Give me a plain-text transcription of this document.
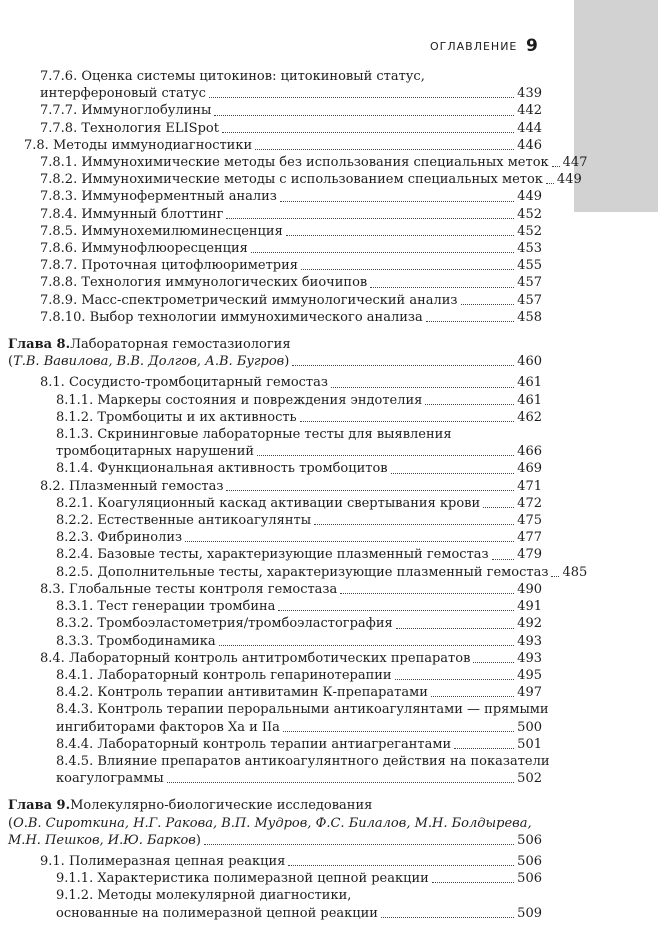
ОГЛАВЛЕНИЕ 9
7.7.6. Оценка системы цитокинов: цитокиновый статус,
интерфероновый статус	439
7.7.7. Иммуноглобулины	442
7.7.8. Технология ELISpot	444
7.8. Методы иммунодиагностики	446
7.8.1. Иммунохимические методы без использования специальных меток 447
7.8.2. Иммунохимические методы с использованием специальных меток 449
7.8.3. Иммуноферментный анализ	449
7.8.4. Иммунный блоттинг	452
7.8.5. Иммунохемилюминесценция	452
7.8.6. Иммунофлюоресценция	453
7.8.7. Проточная цитофлюориметрия	455
7.8.8. Технология иммунологических биочипов	457
7.8.9. Масс-спектрометрический иммунологический анализ	457
7.8.10. Выбор технологии иммунохимического анализа	458
Глава 8. Лабораторная гемостазиология
(Т.В. Вавилова, В.В. Долгов, А.В. Бугров)	460
8.1. Сосудисто-тромбоцитарный гемостаз	461
8.1.1. Маркеры состояния и повреждения эндотелия	461
8.1.2. Тромбоциты и их активность	462
8.1.3. Скрининговые лабораторные тесты для выявления
тромбоцитарных нарушений	466
8.1.4. Функциональная активность тромбоцитов	469
8.2. Плазменный гемостаз	471
8.2.1. Коагуляционный каскад активации свертывания крови	472
8.2.2. Естественные антикоагулянты	475
8.2.3. Фибринолиз	477
8.2.4. Базовые тесты, характеризующие плазменный гемостаз 479
8.2.5. Дополнительные тесты, характеризующие плазменный гемостаз 485
8.3. Глобальные тесты контроля гемостаза	490
8.3.1. Тест генерации тромбина	491
8.3.2. Тромбоэластометрия/тромбоэластография	492
8.3.3. Тромбодинамика	493
8.4. Лабораторный контроль антитромботических препаратов	493
8.4.1. Лабораторный контроль гепаринотерапии	495
8.4.2. Контроль терапии антивитамин К-препаратами	497
8.4.3. Контроль терапии пероральными антикоагулянтами — прямыми
ингибиторами факторов Ха и IIa	500
8.4.4. Лабораторный контроль терапии антиагрегантами	501
8.4.5. Влияние препаратов антикоагулянтного действия на показатели
коагулограммы	502
Глава 9. Молекулярно-биологические исследования
(О.В. Сироткина, Н.Г. Ракова, В.П. Мудров, Ф.С. Билалов, М.Н. Болдырева,
М.Н. Пешков, И.Ю. Барков)	506
9.1. Полимеразная цепная реакция	506
9.1.1. Характеристика полимеразной цепной реакции	506
9.1.2. Методы молекулярной диагностики,
основанные на полимеразной цепной реакции	509
